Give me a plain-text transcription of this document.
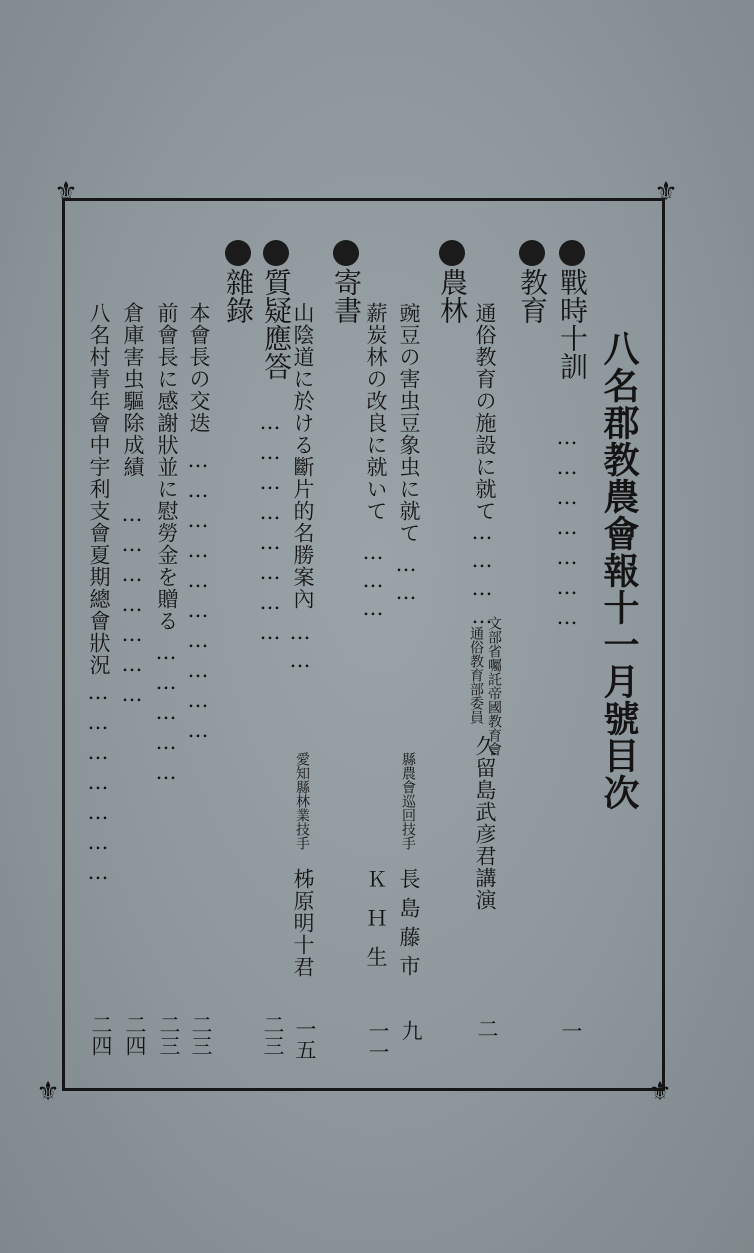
⚜	⚜
⚜	⚜
八名郡教農會報十一月號目次
戰時十訓
…………………
一
教育
通俗教育の施設に就て
…………
文部省囑託帝國教育會
通俗教育部委員
久留島武彦君講演
二
農林
豌豆の害虫豆象虫に就て
……
縣農會巡回技手
長島藤市
九
薪炭林の改良に就いて
………
ＫＨ生
一一
寄書
山陰道に於ける斷片的名勝案內
……
愛知縣林業技手
柹原明十君
一五
質疑應答
……………………
二三
雜錄
本會長の交迭
…………………………
二三
前會長に感謝狀並に慰勞金を贈る
……………
二三
倉庫害虫驅除成績
…………………
二四
八名村青年會中宇利支會夏期總會狀況
…………………
二四
